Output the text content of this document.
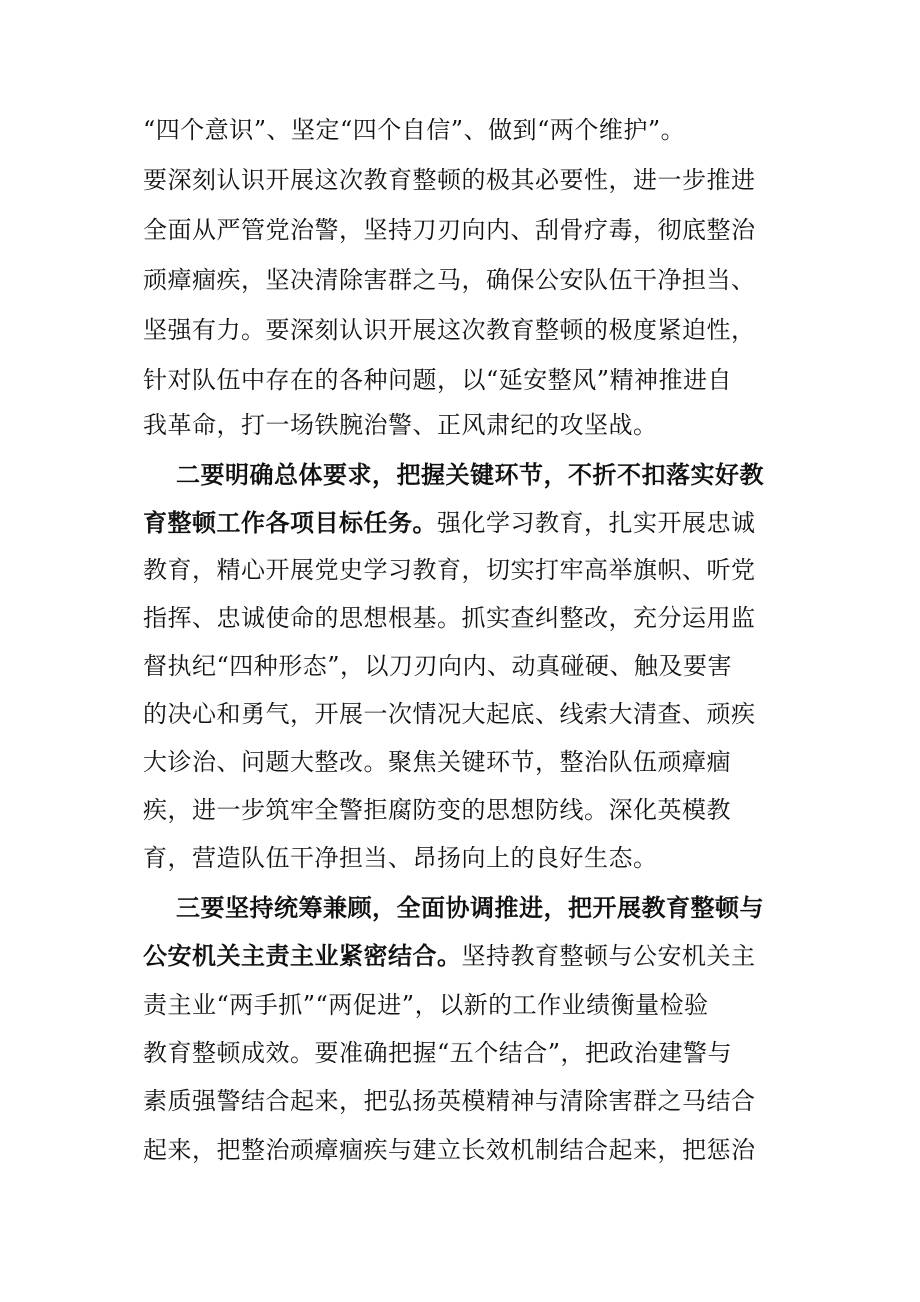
“四个意识”、坚定“四个自信”、做到“两个维护”。
要深刻认识开展这次教育整顿的极其必要性，进一步推进
全面从严管党治警，坚持刀刃向内、刮骨疗毒，彻底整治
顽瘴痼疾，坚决清除害群之马，确保公安队伍干净担当、
坚强有力。要深刻认识开展这次教育整顿的极度紧迫性，
针对队伍中存在的各种问题，以“延安整风”精神推进自
我革命，打一场铁腕治警、正风肃纪的攻坚战。
二要明确总体要求，把握关键环节，不折不扣落实好教
育整顿工作各项目标任务。强化学习教育，扎实开展忠诚
教育，精心开展党史学习教育，切实打牢高举旗帜、听党
指挥、忠诚使命的思想根基。抓实查纠整改，充分运用监
督执纪“四种形态”，以刀刃向内、动真碰硬、触及要害
的决心和勇气，开展一次情况大起底、线索大清查、顽疾
大诊治、问题大整改。聚焦关键环节，整治队伍顽瘴痼
疾，进一步筑牢全警拒腐防变的思想防线。深化英模教
育，营造队伍干净担当、昂扬向上的良好生态。
三要坚持统筹兼顾，全面协调推进，把开展教育整顿与
公安机关主责主业紧密结合。坚持教育整顿与公安机关主
责主业“两手抓”“两促进”，以新的工作业绩衡量检验
教育整顿成效。要准确把握“五个结合”，把政治建警与
素质强警结合起来，把弘扬英模精神与清除害群之马结合
起来，把整治顽瘴痼疾与建立长效机制结合起来，把惩治
